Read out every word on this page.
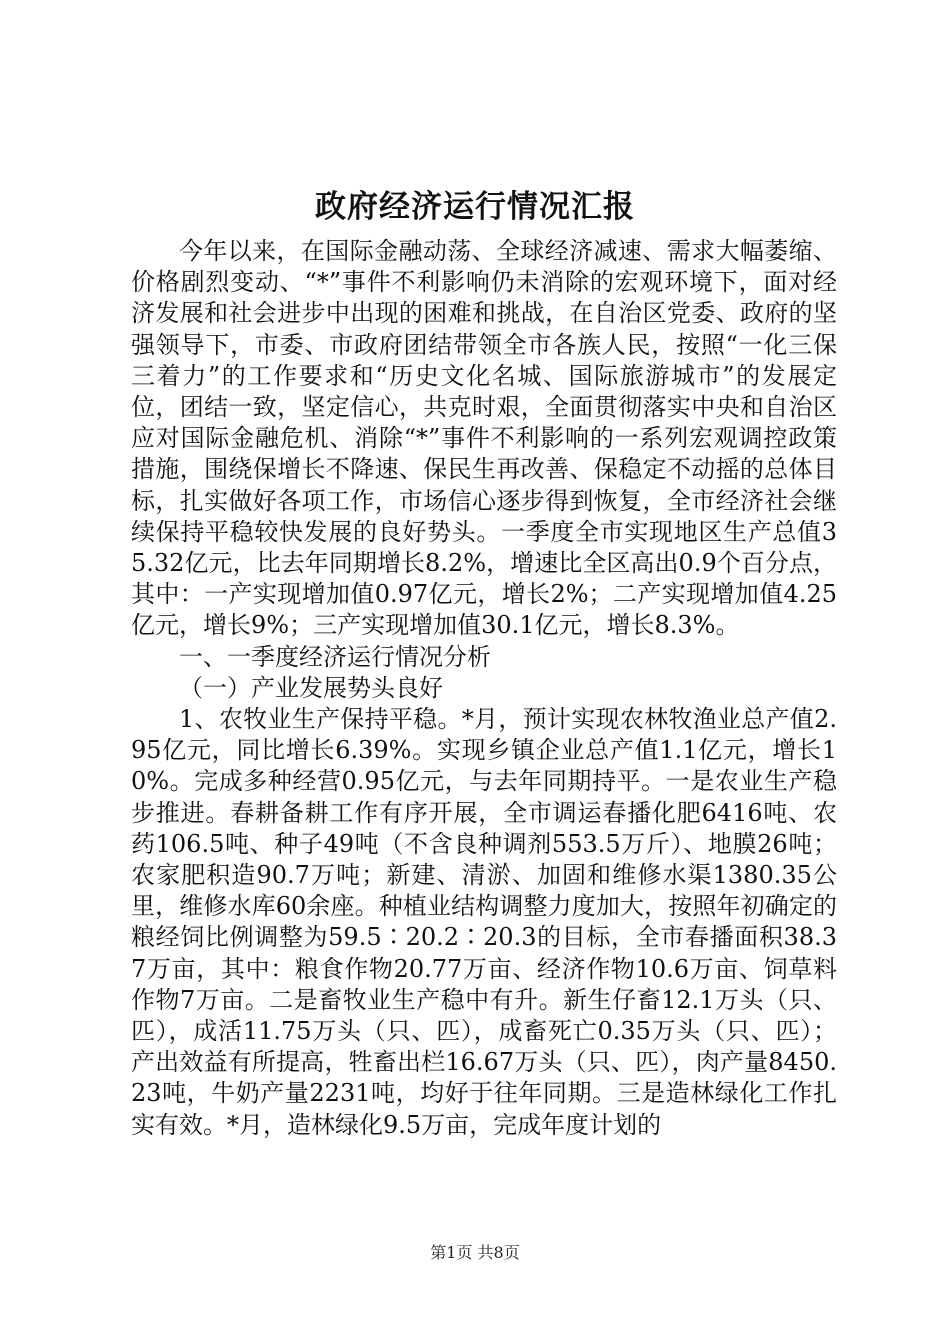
政府经济运行情况汇报

今年以来，在国际金融动荡、全球经济减速、需求大幅萎缩、价格剧烈变动、“*”事件不利影响仍未消除的宏观环境下，面对经济发展和社会进步中出现的困难和挑战，在自治区党委、政府的坚强领导下，市委、市政府团结带领全市各族人民，按照“一化三保三着力”的工作要求和“历史文化名城、国际旅游城市”的发展定位，团结一致，坚定信心，共克时艰，全面贯彻落实中央和自治区应对国际金融危机、消除“*”事件不利影响的一系列宏观调控政策措施，围绕保增长不降速、保民生再改善、保稳定不动摇的总体目标，扎实做好各项工作，市场信心逐步得到恢复，全市经济社会继续保持平稳较快发展的良好势头。一季度全市实现地区生产总值35.32亿元，比去年同期增长8.2%，增速比全区高出0.9个百分点，其中：一产实现增加值0.97亿元，增长2%；二产实现增加值4.25亿元，增长9%；三产实现增加值30.1亿元，增长8.3%。

一、一季度经济运行情况分析

（一）产业发展势头良好

1、农牧业生产保持平稳。*月，预计实现农林牧渔业总产值2.95亿元，同比增长6.39%。实现乡镇企业总产值1.1亿元，增长10%。完成多种经营0.95亿元，与去年同期持平。一是农业生产稳步推进。春耕备耕工作有序开展，全市调运春播化肥6416吨、农药106.5吨、种子49吨（不含良种调剂553.5万斤）、地膜26吨；农家肥积造90.7万吨；新建、清淤、加固和维修水渠1380.35公里，维修水库60余座。种植业结构调整力度加大，按照年初确定的粮经饲比例调整为59.5∶20.2∶20.3的目标，全市春播面积38.37万亩，其中：粮食作物20.77万亩、经济作物10.6万亩、饲草料作物7万亩。二是畜牧业生产稳中有升。新生仔畜12.1万头（只、匹），成活11.75万头（只、匹），成畜死亡0.35万头（只、匹）；产出效益有所提高，牲畜出栏16.67万头（只、匹），肉产量8450.23吨，牛奶产量2231吨，均好于往年同期。三是造林绿化工作扎实有效。*月，造林绿化9.5万亩，完成年度计划的

第1页 共8页
